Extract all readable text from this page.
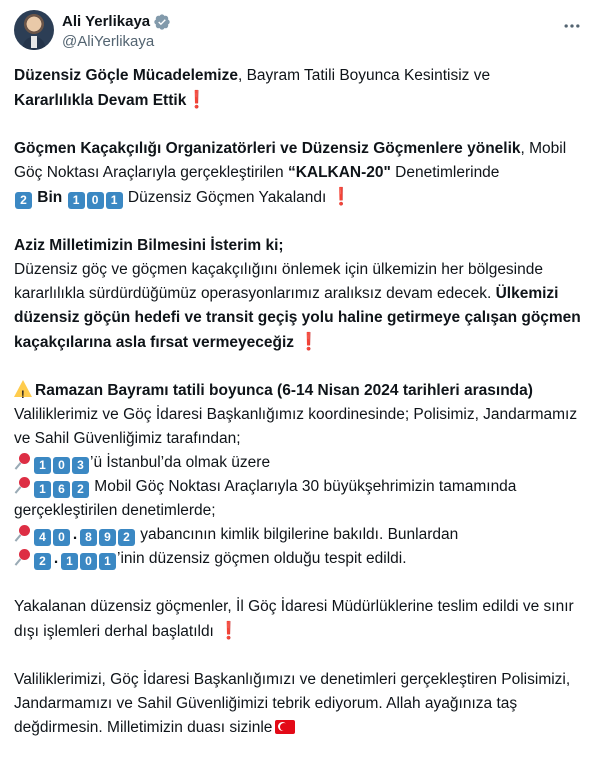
Ali Yerlikaya
@AliYerlikaya

Düzensiz Göçle Mücadelemize, Bayram Tatili Boyunca Kesintisiz ve
Kararlılıkla Devam Ettik❗

Göçmen Kaçakçılığı Organizatörleri ve Düzensiz Göçmenlere yönelik, Mobil Göç Noktası Araçlarıyla gerçekleştirilen “KALKAN-20" Denetimlerinde

2 Bin 1 0 1 Düzensiz Göçmen Yakalandı ❗

Aziz Milletimizin Bilmesini İsterim ki;
Düzensiz göç ve göçmen kaçakçılığını önlemek için ülkemizin her bölgesinde kararlılıkla sürdürdüğümüz operasyonlarımız aralıksız devam edecek. Ülkemizi düzensiz göçün hedefi ve transit geçiş yolu haline getirmeye çalışan göçmen kaçakçılarına asla fırsat vermeyeceğiz ❗

!Ramazan Bayramı tatili boyunca (6-14 Nisan 2024 tarihleri arasında) Valiliklerimiz ve Göç İdaresi Başkanlığımız koordinesinde; Polisimiz, Jandarmamız ve Sahil Güvenliğimiz tarafından;

1 0 3 ’ü İstanbul’da olmak üzere

1 6 2 Mobil Göç Noktası Araçlarıyla 30 büyükşehrimizin tamamında gerçekleştirilen denetimlerde;

4 0 . 8 9 2 yabancının kimlik bilgilerine bakıldı. Bunlardan

2 . 1 0 1 ’inin düzensiz göçmen olduğu tespit edildi.

Yakalanan düzensiz göçmenler, İl Göç İdaresi Müdürlüklerine teslim edildi ve sınır dışı işlemleri derhal başlatıldı ❗

Valiliklerimizi, Göç İdaresi Başkanlığımızı ve denetimleri gerçekleştiren Polisimizi, Jandarmamızı ve Sahil Güvenliğimizi tebrik ediyorum. Allah ayağınıza taş değdirmesin. Milletimizin duası sizinle
